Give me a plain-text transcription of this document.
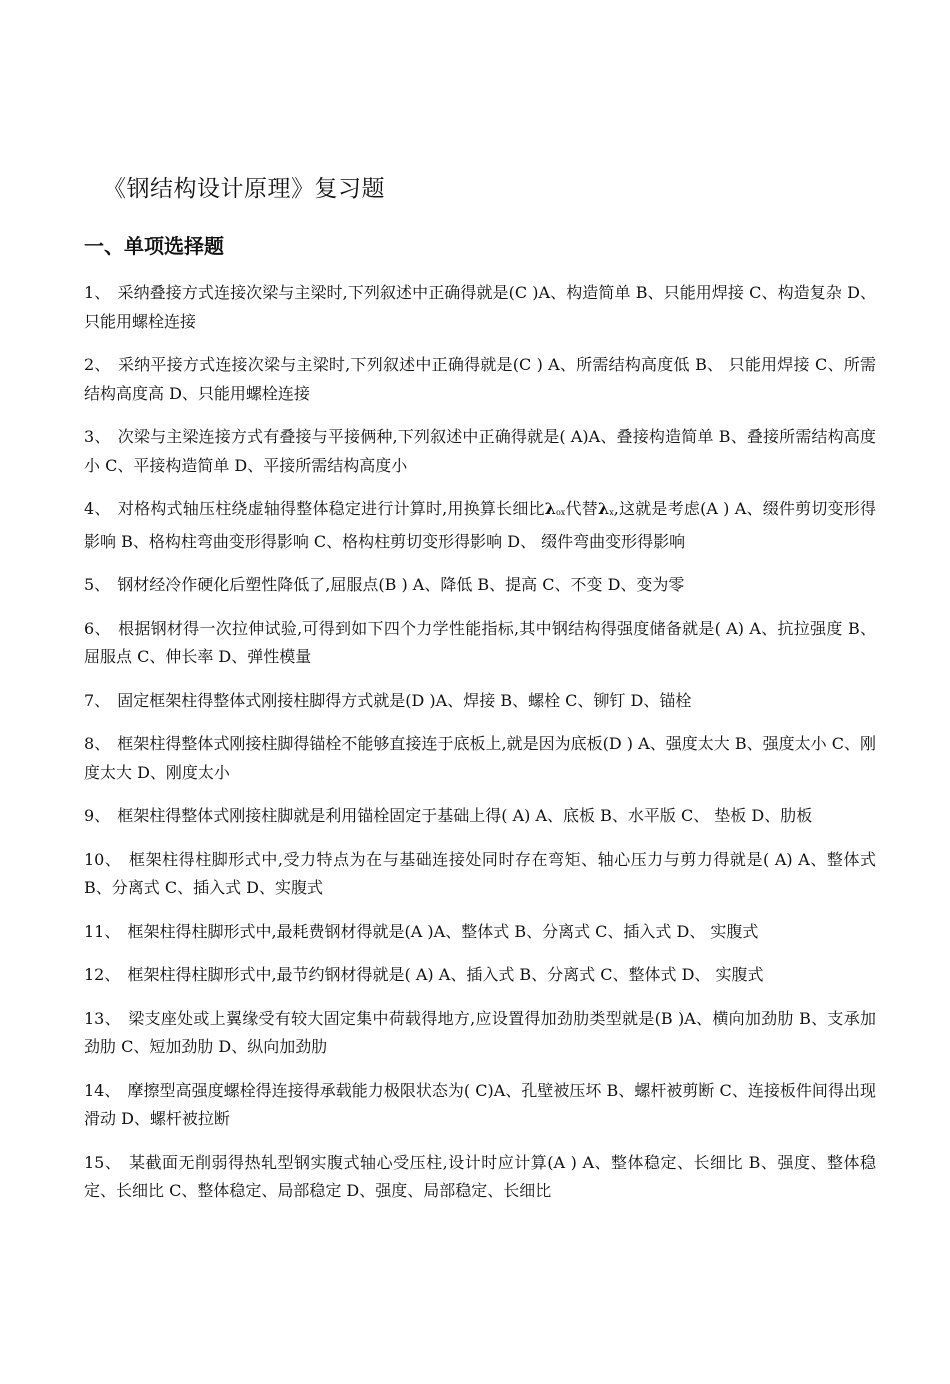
《钢结构设计原理》复习题
一、单项选择题
1、 采纳叠接方式连接次梁与主梁时,下列叙述中正确得就是(C )A、构造简单 B、只能用焊接 C、构造复杂 D、只能用螺栓连接
2、 采纳平接方式连接次梁与主梁时,下列叙述中正确得就是(C ) A、所需结构高度低 B、 只能用焊接 C、所需结构高度高 D、只能用螺栓连接
3、 次梁与主梁连接方式有叠接与平接俩种,下列叙述中正确得就是( A)A、叠接构造简单 B、叠接所需结构高度小 C、平接构造简单 D、平接所需结构高度小
4、 对格构式轴压柱绕虚轴得整体稳定进行计算时,用换算长细比λox代替λx,这就是考虑(A ) A、缀件剪切变形得影响 B、格构柱弯曲变形得影响 C、格构柱剪切变形得影响 D、 缀件弯曲变形得影响
5、 钢材经冷作硬化后塑性降低了,屈服点(B ) A、降低 B、提高 C、不变 D、变为零
6、 根据钢材得一次拉伸试验,可得到如下四个力学性能指标,其中钢结构得强度储备就是( A) A、抗拉强度 B、屈服点 C、伸长率 D、弹性模量
7、 固定框架柱得整体式刚接柱脚得方式就是(D )A、焊接 B、螺栓 C、铆钉 D、锚栓
8、 框架柱得整体式刚接柱脚得锚栓不能够直接连于底板上,就是因为底板(D ) A、强度太大 B、强度太小 C、刚度太大 D、刚度太小
9、 框架柱得整体式刚接柱脚就是利用锚栓固定于基础上得( A) A、底板 B、水平版 C、 垫板 D、肋板
10、 框架柱得柱脚形式中,受力特点为在与基础连接处同时存在弯矩、轴心压力与剪力得就是( A) A、整体式 B、分离式 C、插入式 D、实腹式
11、 框架柱得柱脚形式中,最耗费钢材得就是(A )A、整体式 B、分离式 C、插入式 D、 实腹式
12、 框架柱得柱脚形式中,最节约钢材得就是( A) A、插入式 B、分离式 C、整体式 D、 实腹式
13、 梁支座处或上翼缘受有较大固定集中荷载得地方,应设置得加劲肋类型就是(B )A、横向加劲肋 B、支承加劲肋 C、短加劲肋 D、纵向加劲肋
14、 摩擦型高强度螺栓得连接得承载能力极限状态为( C)A、孔壁被压坏 B、螺杆被剪断 C、连接板件间得出现滑动 D、螺杆被拉断
15、 某截面无削弱得热轧型钢实腹式轴心受压柱,设计时应计算(A ) A、整体稳定、长细比 B、强度、整体稳定、长细比 C、整体稳定、局部稳定 D、强度、局部稳定、长细比
